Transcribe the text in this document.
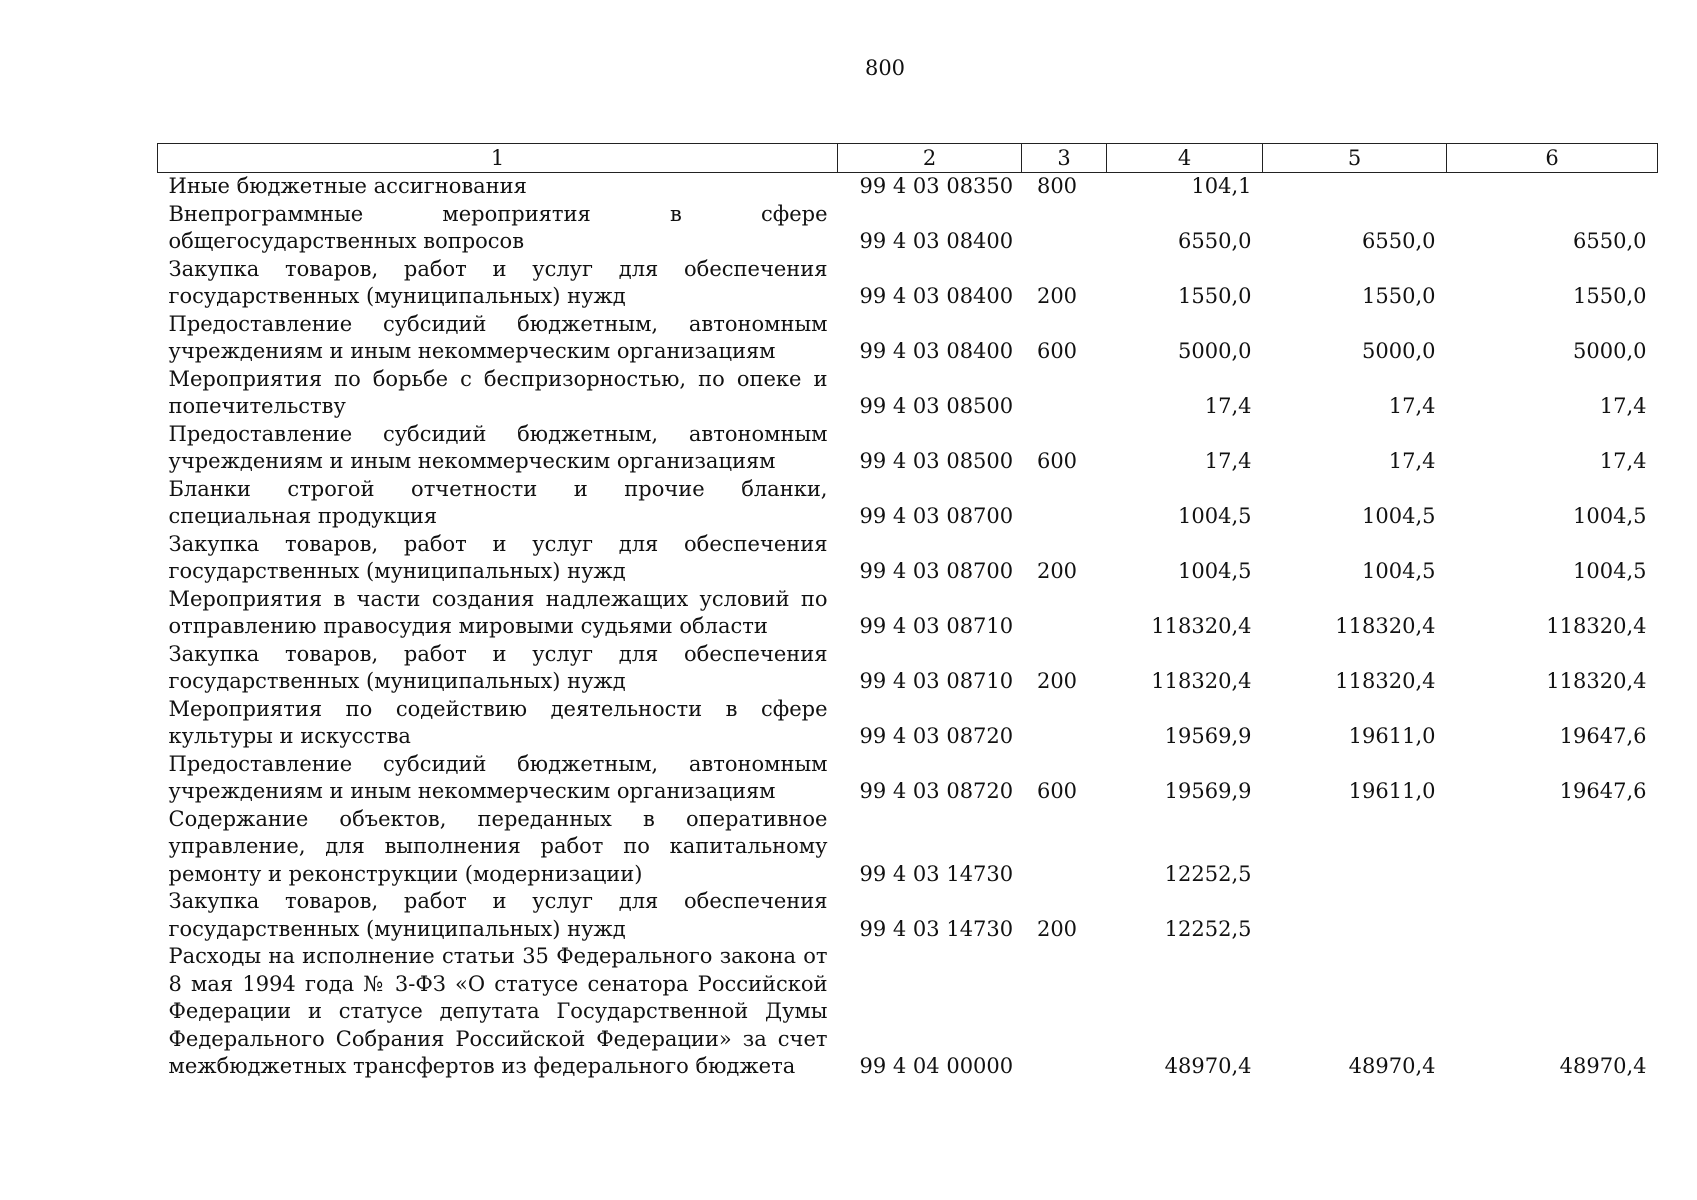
800
1	2	3	4	5	6
Иные бюджетные ассигнования	99 4 03 08350	800	104,1		
Внепрограммные мероприятия в сфере общегосударственных вопросов	99 4 03 08400		6550,0	6550,0	6550,0
Закупка товаров, работ и услуг для обеспечения государственных (муниципальных) нужд	99 4 03 08400	200	1550,0	1550,0	1550,0
Предоставление субсидий бюджетным, автономным учреждениям и иным некоммерческим организациям	99 4 03 08400	600	5000,0	5000,0	5000,0
Мероприятия по борьбе с беспризорностью, по опеке и попечительству	99 4 03 08500		17,4	17,4	17,4
Предоставление субсидий бюджетным, автономным учреждениям и иным некоммерческим организациям	99 4 03 08500	600	17,4	17,4	17,4
Бланки строгой отчетности и прочие бланки, специальная продукция	99 4 03 08700		1004,5	1004,5	1004,5
Закупка товаров, работ и услуг для обеспечения государственных (муниципальных) нужд	99 4 03 08700	200	1004,5	1004,5	1004,5
Мероприятия в части создания надлежащих условий по отправлению правосудия мировыми судьями области	99 4 03 08710		118320,4	118320,4	118320,4
Закупка товаров, работ и услуг для обеспечения государственных (муниципальных) нужд	99 4 03 08710	200	118320,4	118320,4	118320,4
Мероприятия по содействию деятельности в сфере культуры и искусства	99 4 03 08720		19569,9	19611,0	19647,6
Предоставление субсидий бюджетным, автономным учреждениям и иным некоммерческим организациям	99 4 03 08720	600	19569,9	19611,0	19647,6
Содержание объектов, переданных в оперативное управление, для выполнения работ по капитальному ремонту и реконструкции (модернизации)	99 4 03 14730		12252,5		
Закупка товаров, работ и услуг для обеспечения государственных (муниципальных) нужд	99 4 03 14730	200	12252,5		
Расходы на исполнение статьи 35 Федерального закона от 8 мая 1994 года № 3-ФЗ «О статусе сенатора Российской Федерации и статусе депутата Государственной Думы Федерального Собрания Российской Федерации» за счет межбюджетных трансфертов из федерального бюджета	99 4 04 00000		48970,4	48970,4	48970,4
